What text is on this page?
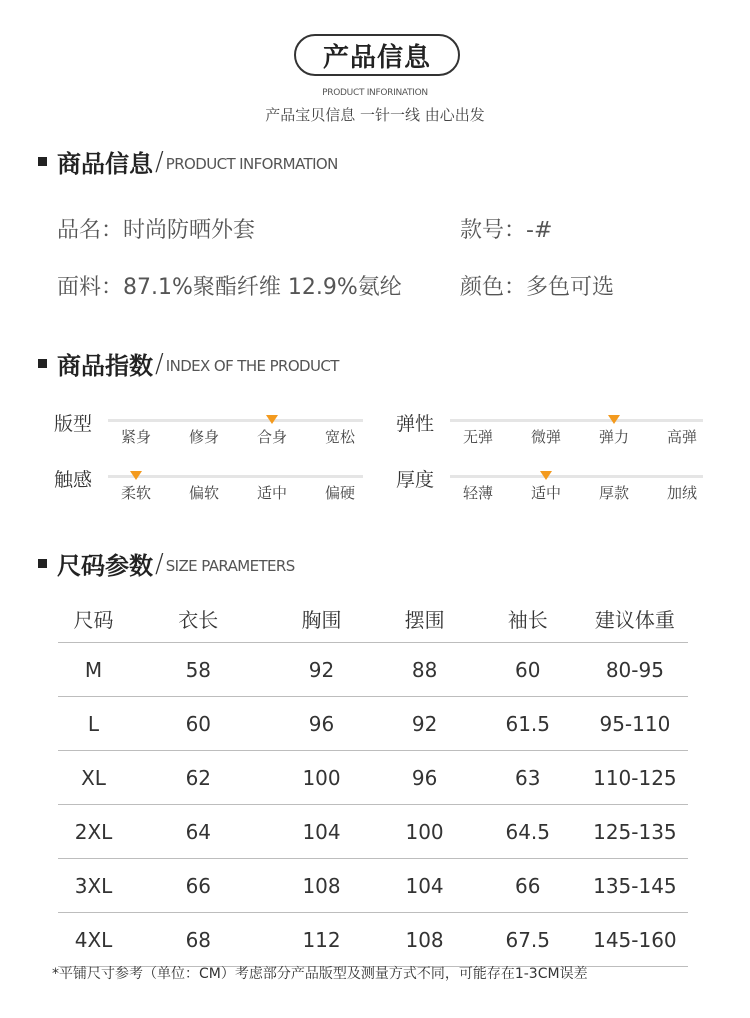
产品信息
PRODUCT INFORINATION
产品宝贝信息 一针一线 由心出发
商品信息 / PRODUCT INFORMATION
品名：时尚防晒外套	款号：-#
面料：87.1%聚酯纤维 12.9%氨纶	颜色：多色可选
商品指数 / INDEX OF THE PRODUCT
版型
紧身	修身	合身	宽松
弹性
无弹	微弹	弹力	高弹
触感
柔软	偏软	适中	偏硬
厚度
轻薄	适中	厚款	加绒
尺码参数 / SIZE PARAMETERS
尺码	衣长	胸围	摆围	袖长	建议体重
M	58	92	88	60	80-95
L	60	96	92	61.5	95-110
XL	62	100	96	63	110-125
2XL	64	104	100	64.5	125-135
3XL	66	108	104	66	135-145
4XL	68	112	108	67.5	145-160
*平铺尺寸参考（单位：CM）考虑部分产品版型及测量方式不同，可能存在1-3CM误差
